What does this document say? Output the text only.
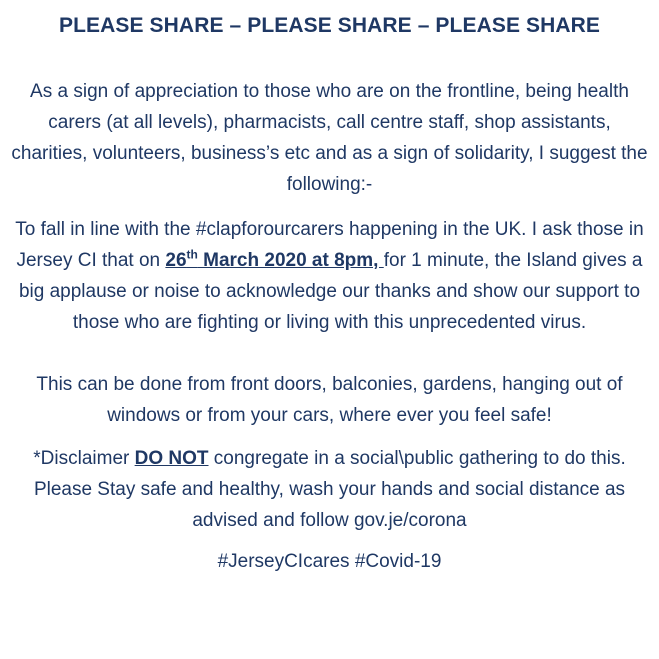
PLEASE SHARE – PLEASE SHARE – PLEASE SHARE

As a sign of appreciation to those who are on the frontline, being health carers (at all levels), pharmacists, call centre staff, shop assistants, charities, volunteers, business’s etc and as a sign of solidarity, I suggest the following:-

To fall in line with the #clapforourcarers happening in the UK. I ask those in Jersey CI that on 26th March 2020 at 8pm, for 1 minute, the Island gives a big applause or noise to acknowledge our thanks and show our support to those who are fighting or living with this unprecedented virus.

This can be done from front doors, balconies, gardens, hanging out of windows or from your cars, where ever you feel safe!

*Disclaimer DO NOT congregate in a social\public gathering to do this. Please Stay safe and healthy, wash your hands and social distance as advised and follow gov.je/corona

#JerseyCIcares #Covid-19
